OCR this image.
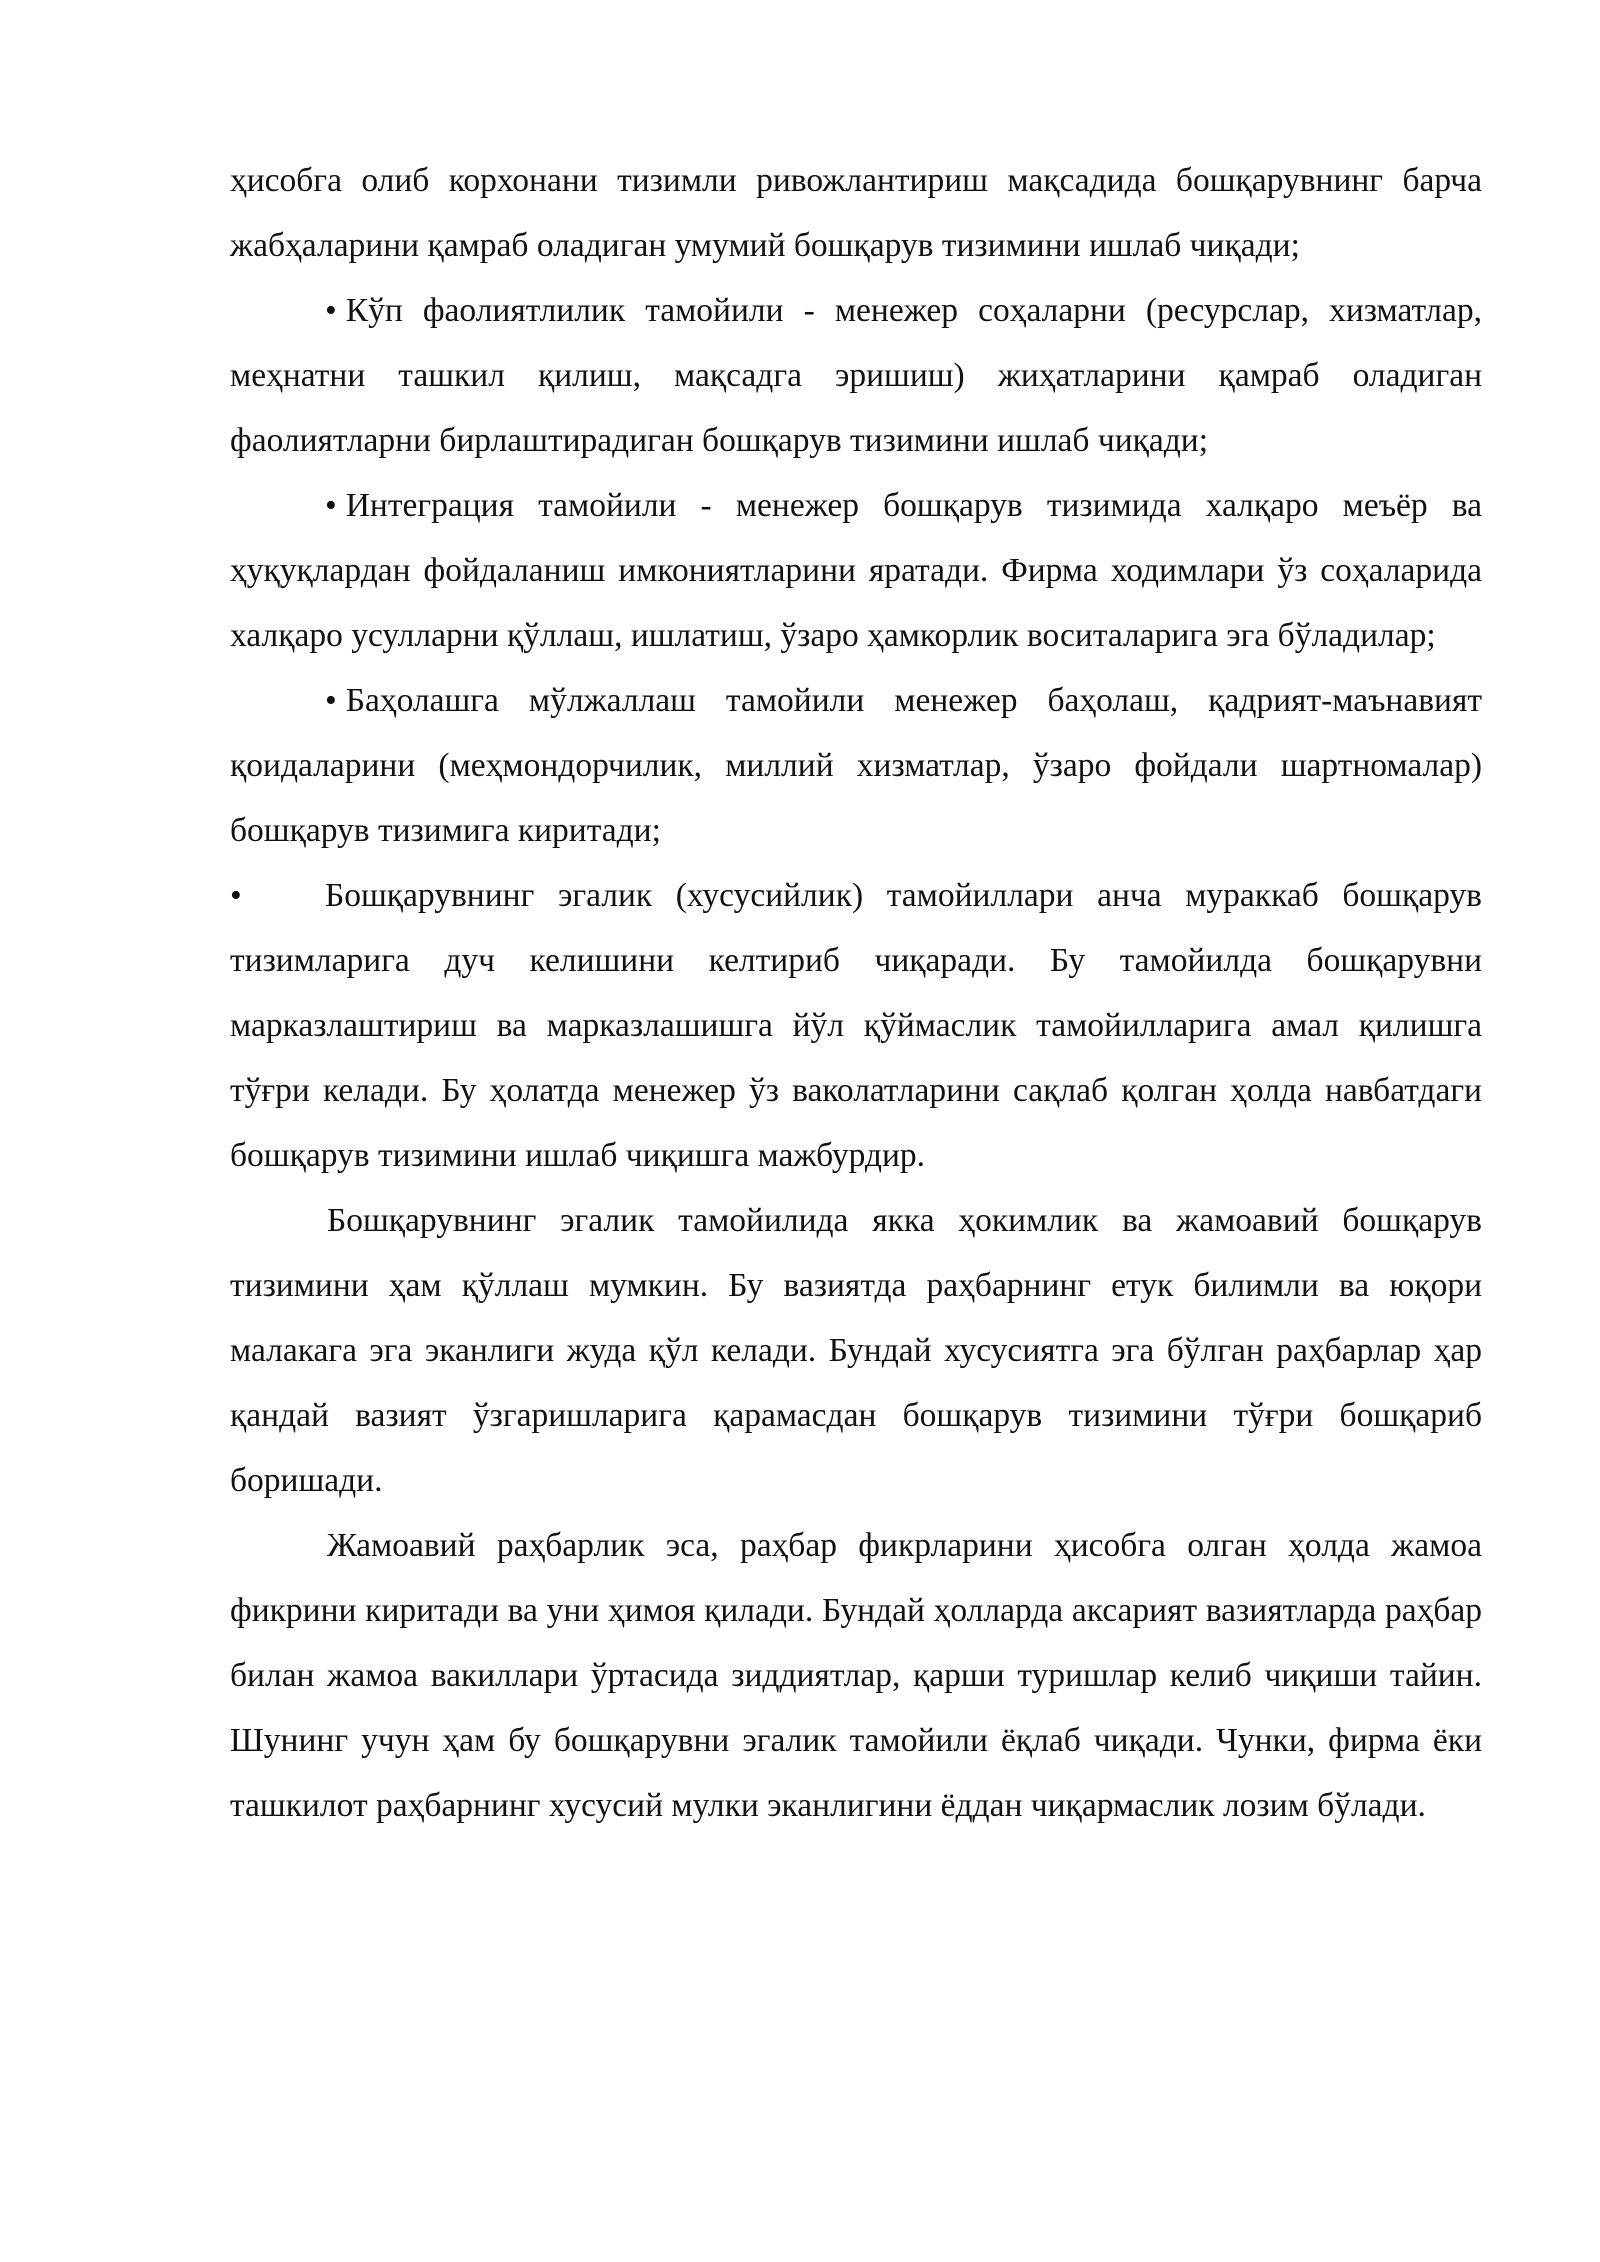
ҳисобга олиб корхонани тизимли ривожлантириш мақсадида бошқарувнинг барча жабҳаларини қамраб оладиган умумий бошқарув тизимини ишлаб чиқади;

• Кўп фаолиятлилик тамойили - менежер соҳаларни (ресурслар, хизматлар, меҳнатни ташкил қилиш, мақсадга эришиш) жиҳатларини қамраб оладиган фаолиятларни бирлаштирадиган бошқарув тизимини ишлаб чиқади;

• Интеграция тамойили - менежер бошқарув тизимида халқаро меъёр ва ҳуқуқлардан фойдаланиш имкониятларини яратади. Фирма ходимлари ўз соҳаларида халқаро усулларни қўллаш, ишлатиш, ўзаро ҳамкорлик воситаларига эга бўладилар;

• Баҳолашга мўлжаллаш тамойили менежер баҳолаш, қадрият-маънавият қоидаларини (меҳмондорчилик, миллий хизматлар, ўзаро фойдали шартномалар) бошқарув тизимига киритади;

• Бошқарувнинг эгалик (хусусийлик) тамойиллари анча мураккаб бошқарув тизимларига дуч келишини келтириб чиқаради. Бу тамойилда бошқарувни марказлаштириш ва марказлашишга йўл қўймаслик тамойилларига амал қилишга тўғри келади. Бу ҳолатда менежер ўз ваколатларини сақлаб қолган ҳолда навбатдаги бошқарув тизимини ишлаб чиқишга мажбурдир.

Бошқарувнинг эгалик тамойилида якка ҳокимлик ва жамоавий бошқарув тизимини ҳам қўллаш мумкин. Бу вазиятда раҳбарнинг етук билимли ва юқори малакага эга эканлиги жуда қўл келади. Бундай хусусиятга эга бўлган раҳбарлар ҳар қандай вазият ўзгаришларига қарамасдан бошқарув тизимини тўғри бошқариб боришади.

Жамоавий раҳбарлик эса, раҳбар фикрларини ҳисобга олган ҳолда жамоа фикрини киритади ва уни ҳимоя қилади. Бундай ҳолларда аксарият вазиятларда раҳбар билан жамоа вакиллари ўртасида зиддиятлар, қарши туришлар келиб чиқиши тайин. Шунинг учун ҳам бу бошқарувни эгалик тамойили ёқлаб чиқади. Чунки, фирма ёки ташкилот раҳбарнинг хусусий мулки эканлигини ёддан чиқармаслик лозим бўлади.
